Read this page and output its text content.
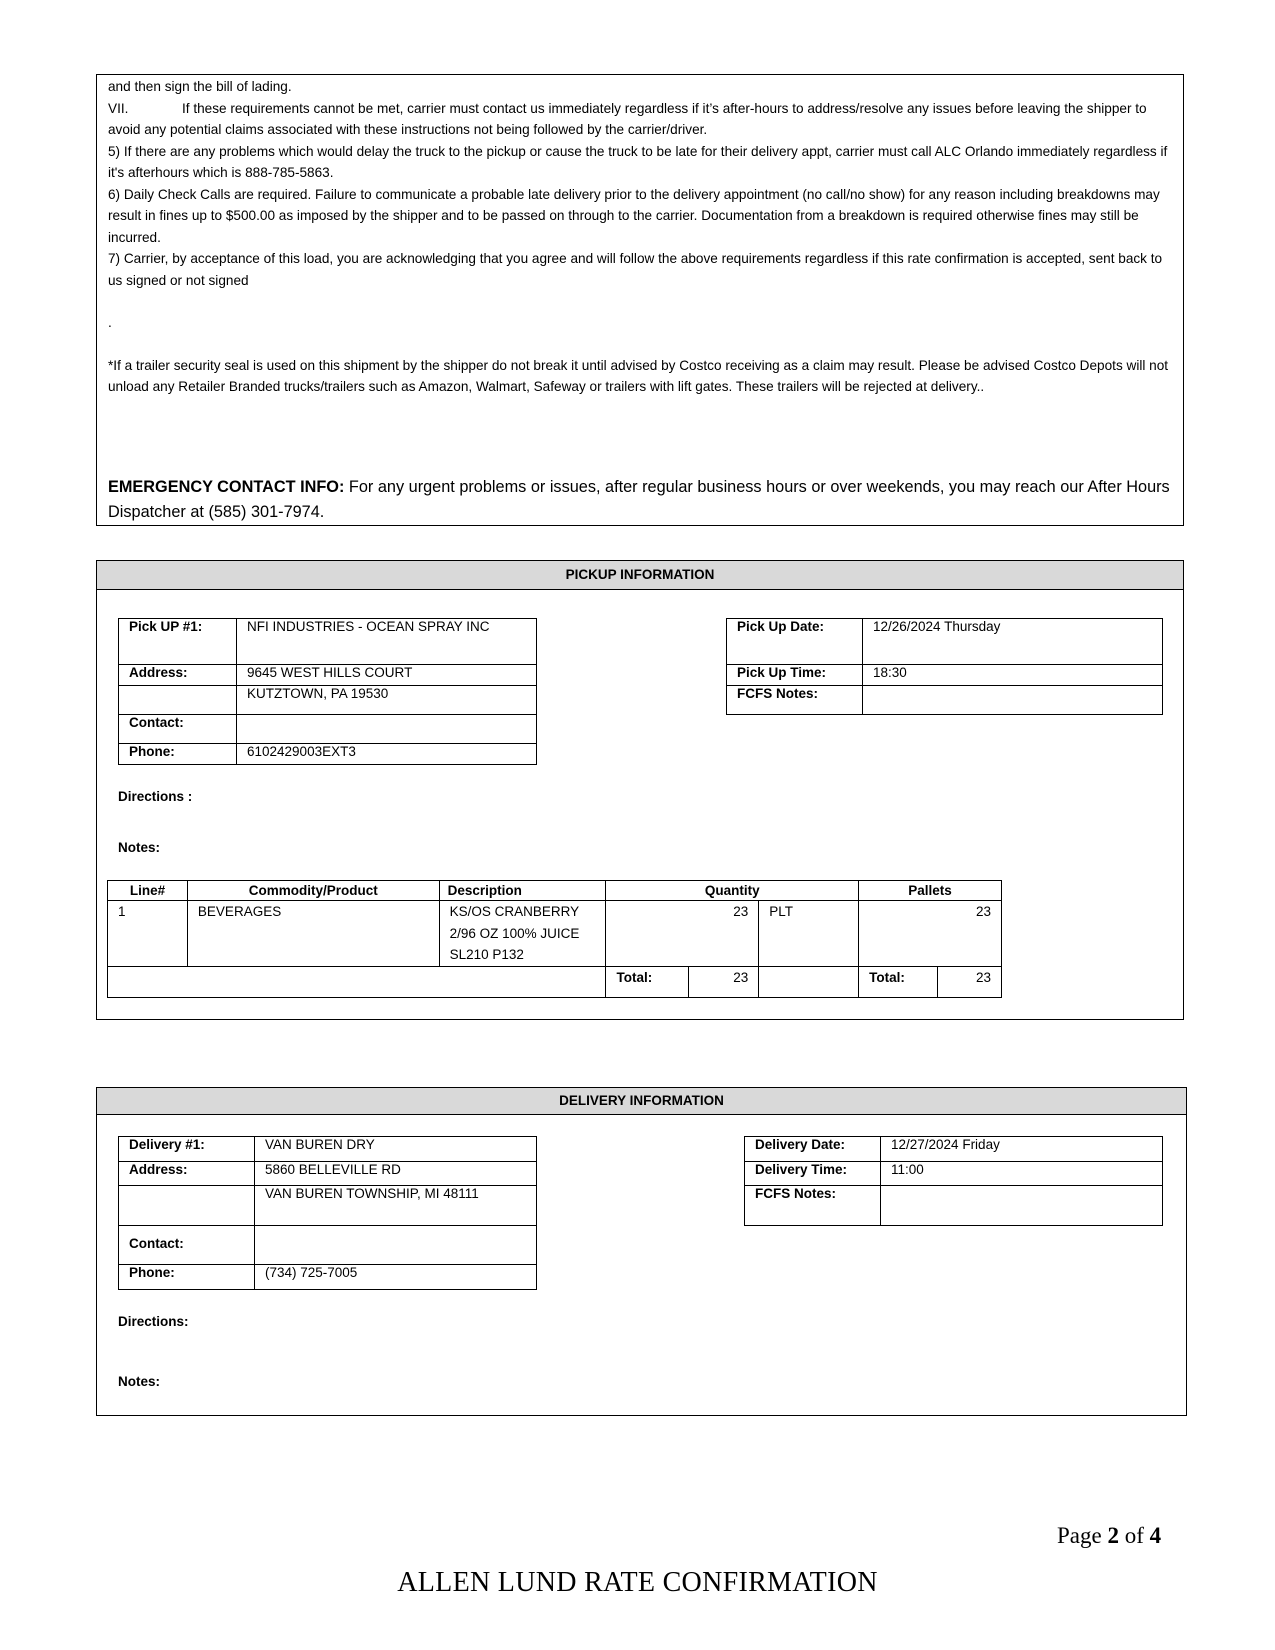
and then sign the bill of lading.

VII.	If these requirements cannot be met, carrier must contact us immediately regardless if it’s after-hours to address/resolve any issues before leaving the shipper to avoid any potential claims associated with these instructions not being followed by the carrier/driver.

5) If there are any problems which would delay the truck to the pickup or cause the truck to be late for their delivery appt, carrier must call ALC Orlando immediately regardless if it's afterhours which is 888-785-5863.

6) Daily Check Calls are required. Failure to communicate a probable late delivery prior to the delivery appointment (no call/no show) for any reason including breakdowns may result in fines up to $500.00 as imposed by the shipper and to be passed on through to the carrier. Documentation from a breakdown is required otherwise fines may still be incurred.

7) Carrier, by acceptance of this load, you are acknowledging that you agree and will follow the above requirements regardless if this rate confirmation is accepted, sent back to us signed or not signed

.

*If a trailer security seal is used on this shipment by the shipper do not break it until advised by Costco receiving as a claim may result. Please be advised Costco Depots will not unload any Retailer Branded trucks/trailers such as Amazon, Walmart, Safeway or trailers with lift gates. These trailers will be rejected at delivery..

EMERGENCY CONTACT INFO: For any urgent problems or issues, after regular business hours or over weekends, you may reach our After Hours Dispatcher at (585) 301-7974.
PICKUP INFORMATION
Pick UP #1:	NFI INDUSTRIES - OCEAN SPRAY INC
Address:	9645 WEST HILLS COURT
	KUTZTOWN, PA 19530
Contact:	
Phone:	6102429003EXT3
Pick Up Date:	12/26/2024 Thursday
Pick Up Time:	18:30
FCFS Notes:	
Directions :
Notes:
Line#	Commodity/Product	Description	Quantity			Pallets	
1	BEVERAGES	KS/OS CRANBERRY
2/96 OZ 100% JUICE
SL210 P132	23		PLT	23	
			Total:	23		Total:	23
DELIVERY INFORMATION
Delivery #1:	VAN BUREN DRY
Address:	5860 BELLEVILLE RD
	VAN BUREN TOWNSHIP, MI 48111
Contact:	
Phone:	(734) 725-7005
Delivery Date:	12/27/2024 Friday
Delivery Time:	11:00
FCFS Notes:	
Directions:
Notes:
Page 2 of 4
ALLEN LUND RATE CONFIRMATION
